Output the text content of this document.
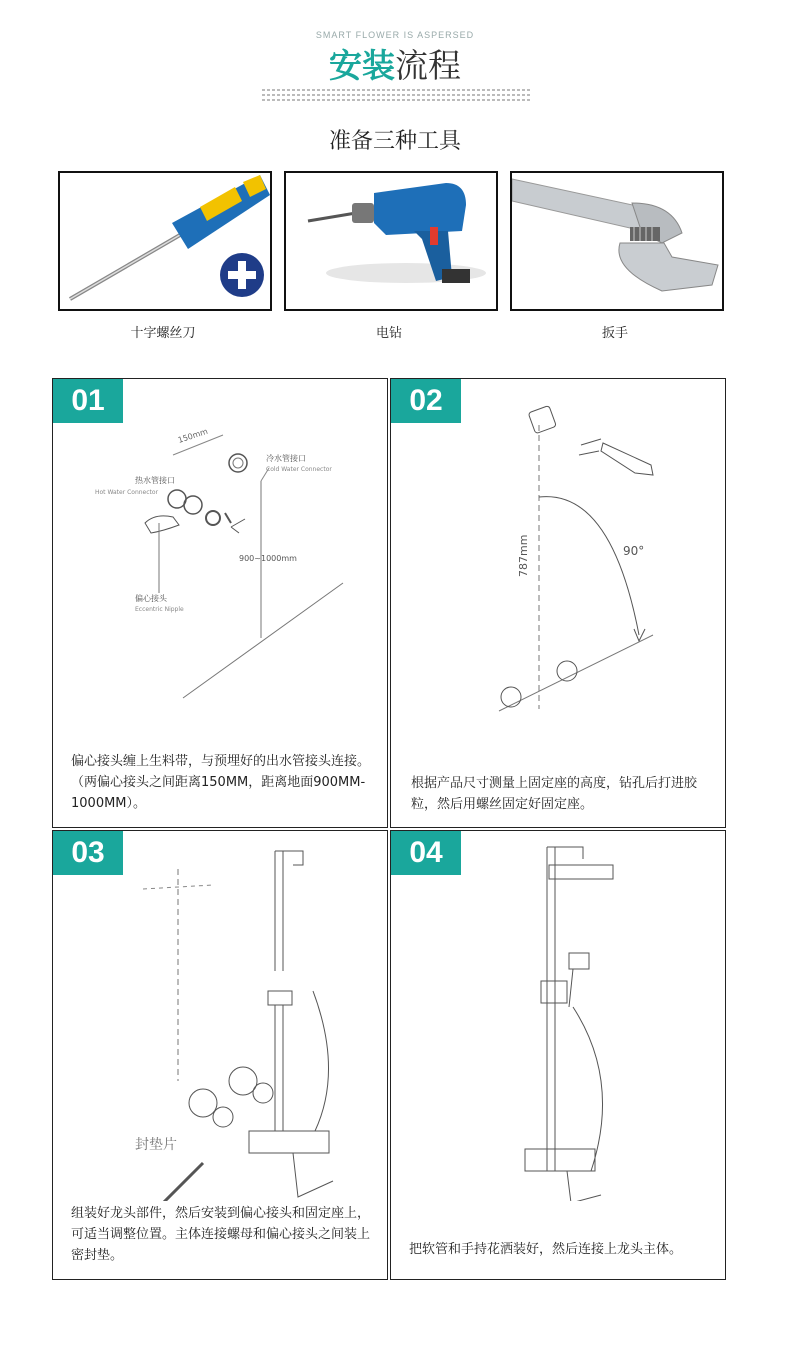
SMART FLOWER IS ASPERSED
安装流程
准备三种工具
十字螺丝刀	电钻	扳手
01
150mm
冷水管接口
Cold Water Connector
热水管接口
Hot Water Connector
900~1000mm
偏心接头
Eccentric Nipple
偏心接头缠上生料带，与预埋好的出水管接头连接。（两偏心接头之间距离150MM，距离地面900MM-1000MM）。
02
90°
787mm
根据产品尺寸测量上固定座的高度，钻孔后打进胶粒，然后用螺丝固定好固定座。
03
封垫片
组装好龙头部件，然后安装到偏心接头和固定座上，可适当调整位置。主体连接螺母和偏心接头之间装上密封垫。
04
把软管和手持花洒装好，然后连接上龙头主体。
